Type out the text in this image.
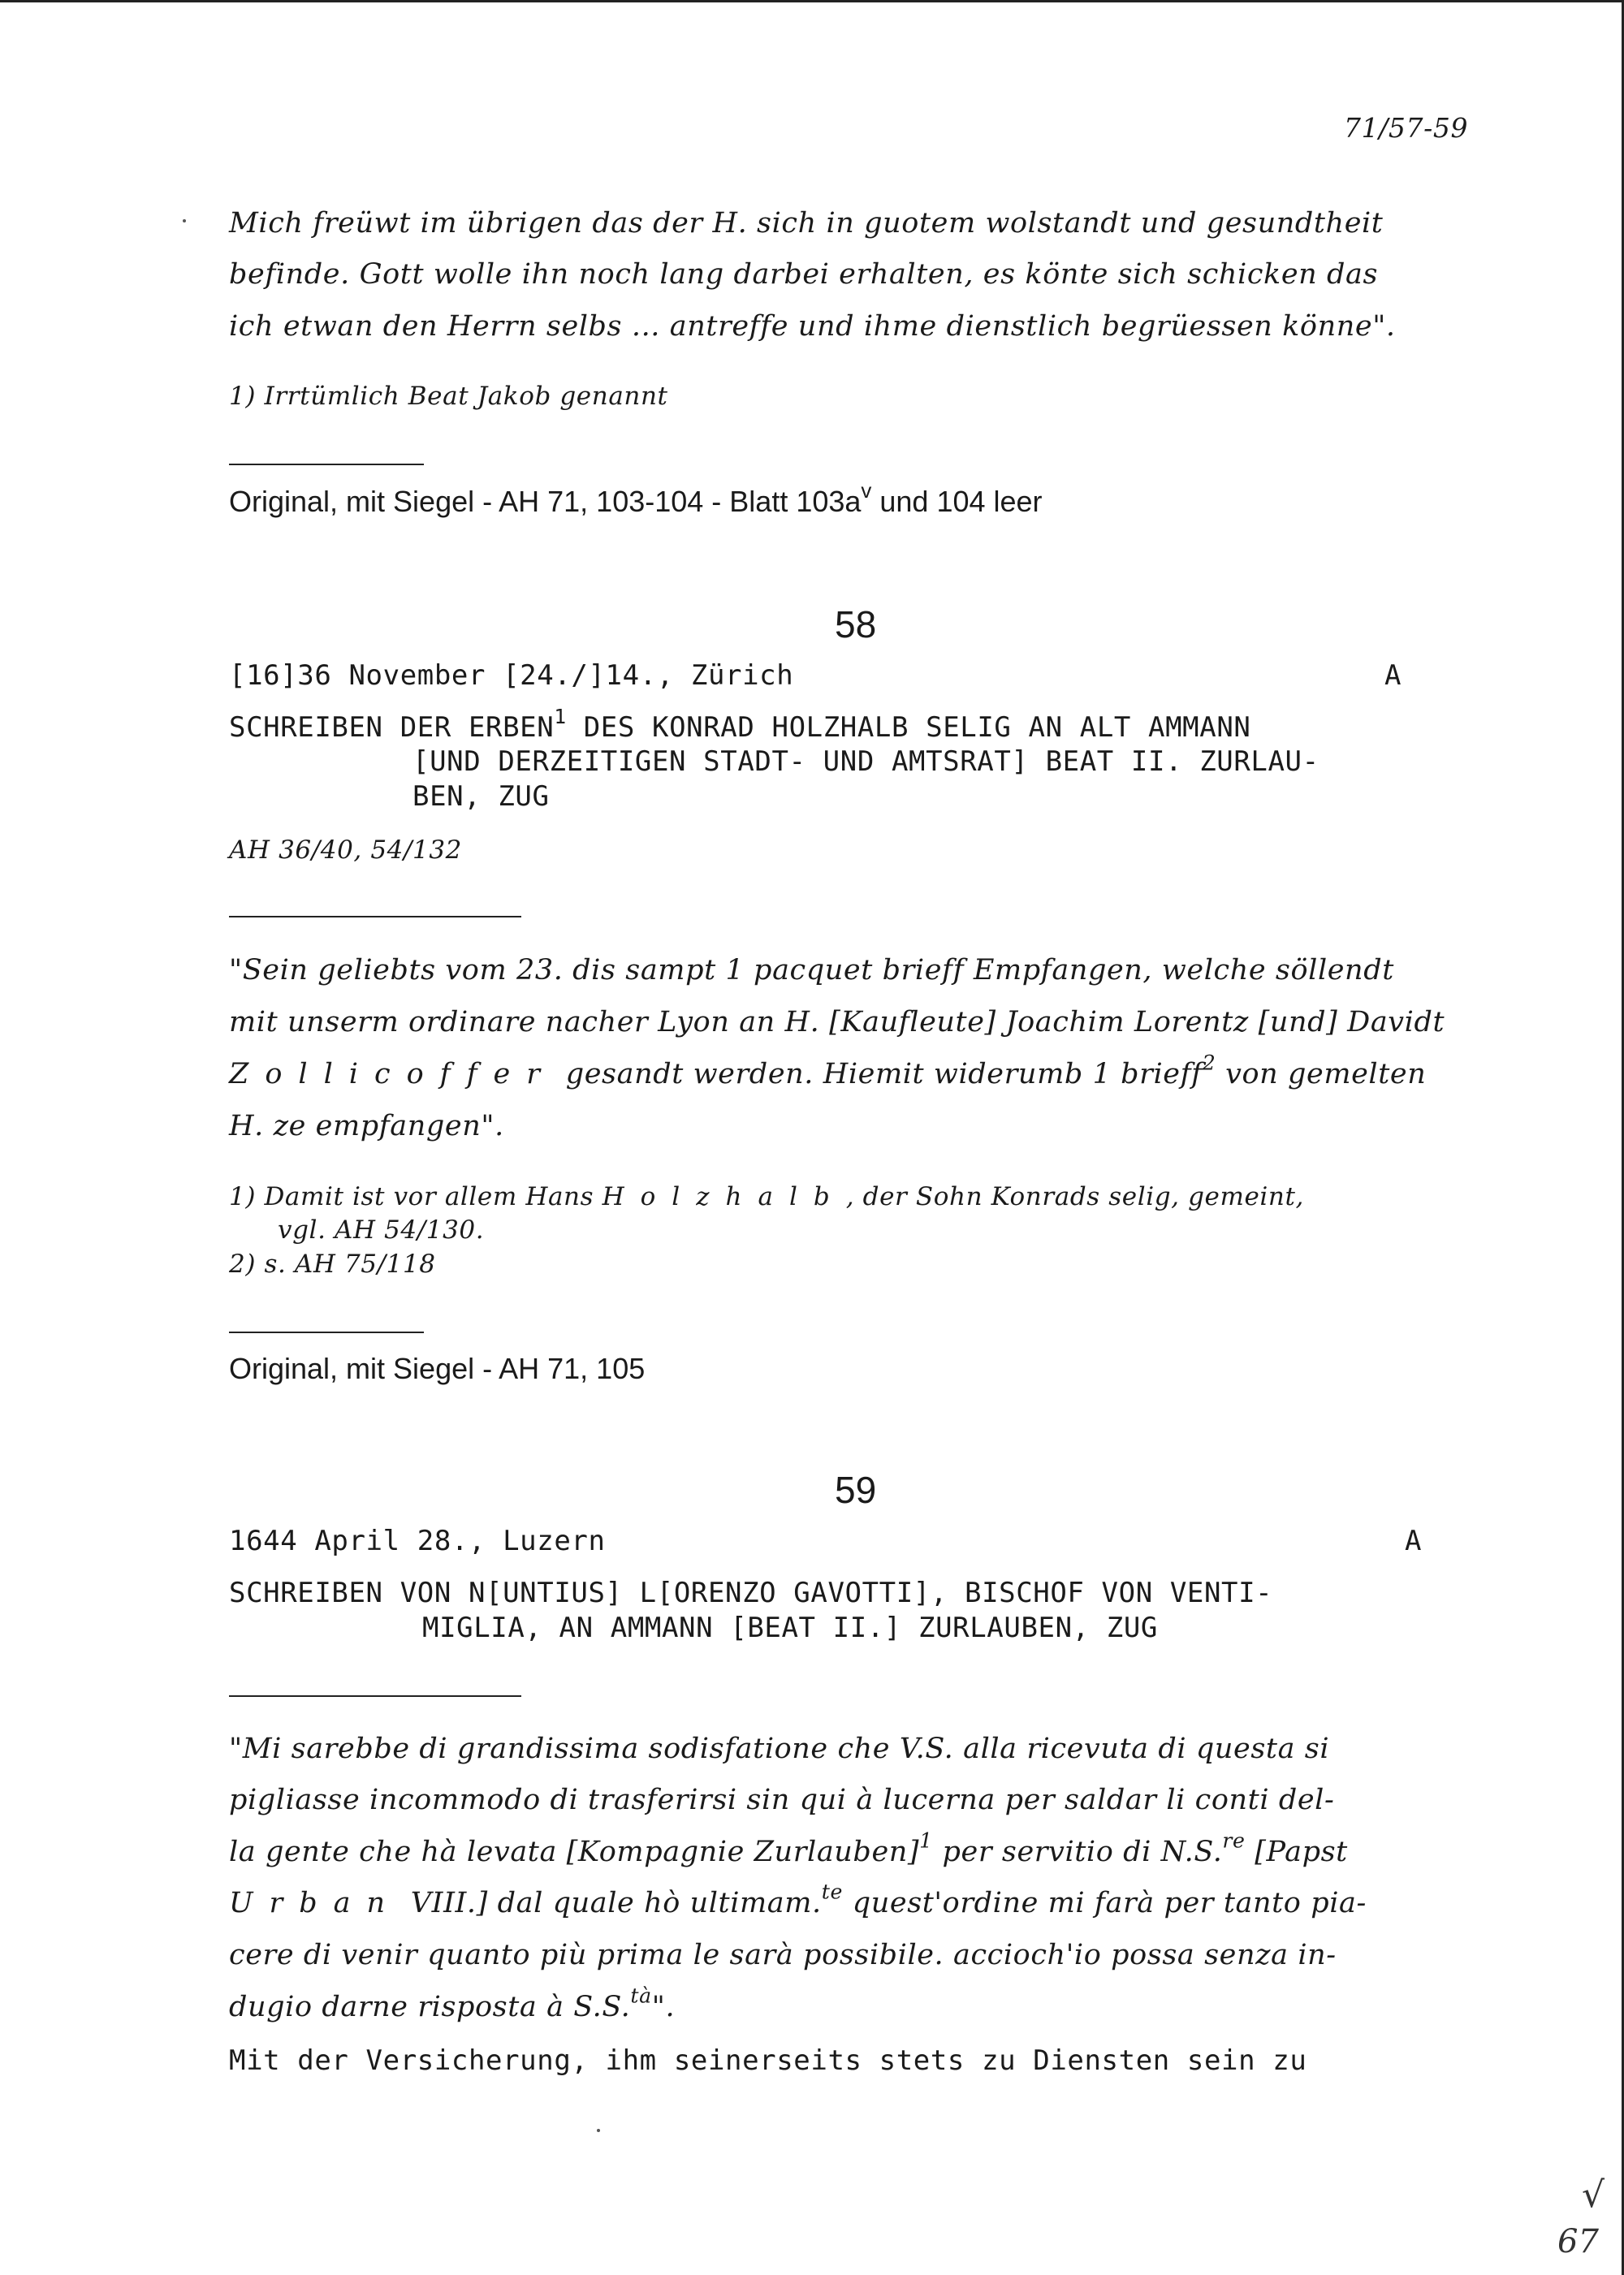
71/57-59
Mich freüwt im übrigen das der H. sich in guotem wolstandt und gesundtheit
befinde. Gott wolle ihn noch lang darbei erhalten, es könte sich schicken das
ich etwan den Herrn selbs ... antreffe und ihme dienstlich begrüessen könne".
1) Irrtümlich Beat Jakob genannt
Original, mit Siegel - AH 71, 103-104 - Blatt $103a^v$ und 104 leer
58
[16]36 November [24./]14., Zürich	A
SCHREIBEN DER ERBEN$^1$ DES KONRAD HOLZHALB SELIG AN ALT AMMANN
[UND DERZEITIGEN STADT- UND AMTSRAT] BEAT II. ZURLAU-
BEN, ZUG
AH 36/40, 54/132
"Sein geliebts vom 23. dis sampt 1 pacquet brieff Empfangen, welche söllendt
mit unserm ordinare nacher Lyon an H. [Kaufleute] Joachim Lorentz [und] Davidt
Zollicoffer gesandt werden. Hiemit widerumb 1 brieff$^2$ von gemelten
H. ze empfangen".
1) Damit ist vor allem Hans Holzhalb, der Sohn Konrads selig, gemeint,
vgl. AH 54/130.
2) s. AH 75/118
Original, mit Siegel - AH 71, 105
59
1644 April 28., Luzern	A
SCHREIBEN VON N[UNTIUS] L[ORENZO GAVOTTI], BISCHOF VON VENTI-
MIGLIA, AN AMMANN [BEAT II.] ZURLAUBEN, ZUG
"Mi sarebbe di grandissima sodisfatione che V.S. alla ricevuta di questa si
pigliasse incommodo di trasferirsi sin qui à lucerna per saldar li conti del-
la gente che hà levata [Kompagnie Zurlauben]$^1$ per servitio di N.S.$^{re}$ [Papst
Urban VIII.] dal quale hò ultimam.$^{te}$ quest'ordine mi farà per tanto pia-
cere di venir quanto più prima le sarà possibile. accioch'io possa senza in-
dugio darne risposta à S.S.$^{tà}$".
Mit der Versicherung, ihm seinerseits stets zu Diensten sein zu
√
67
